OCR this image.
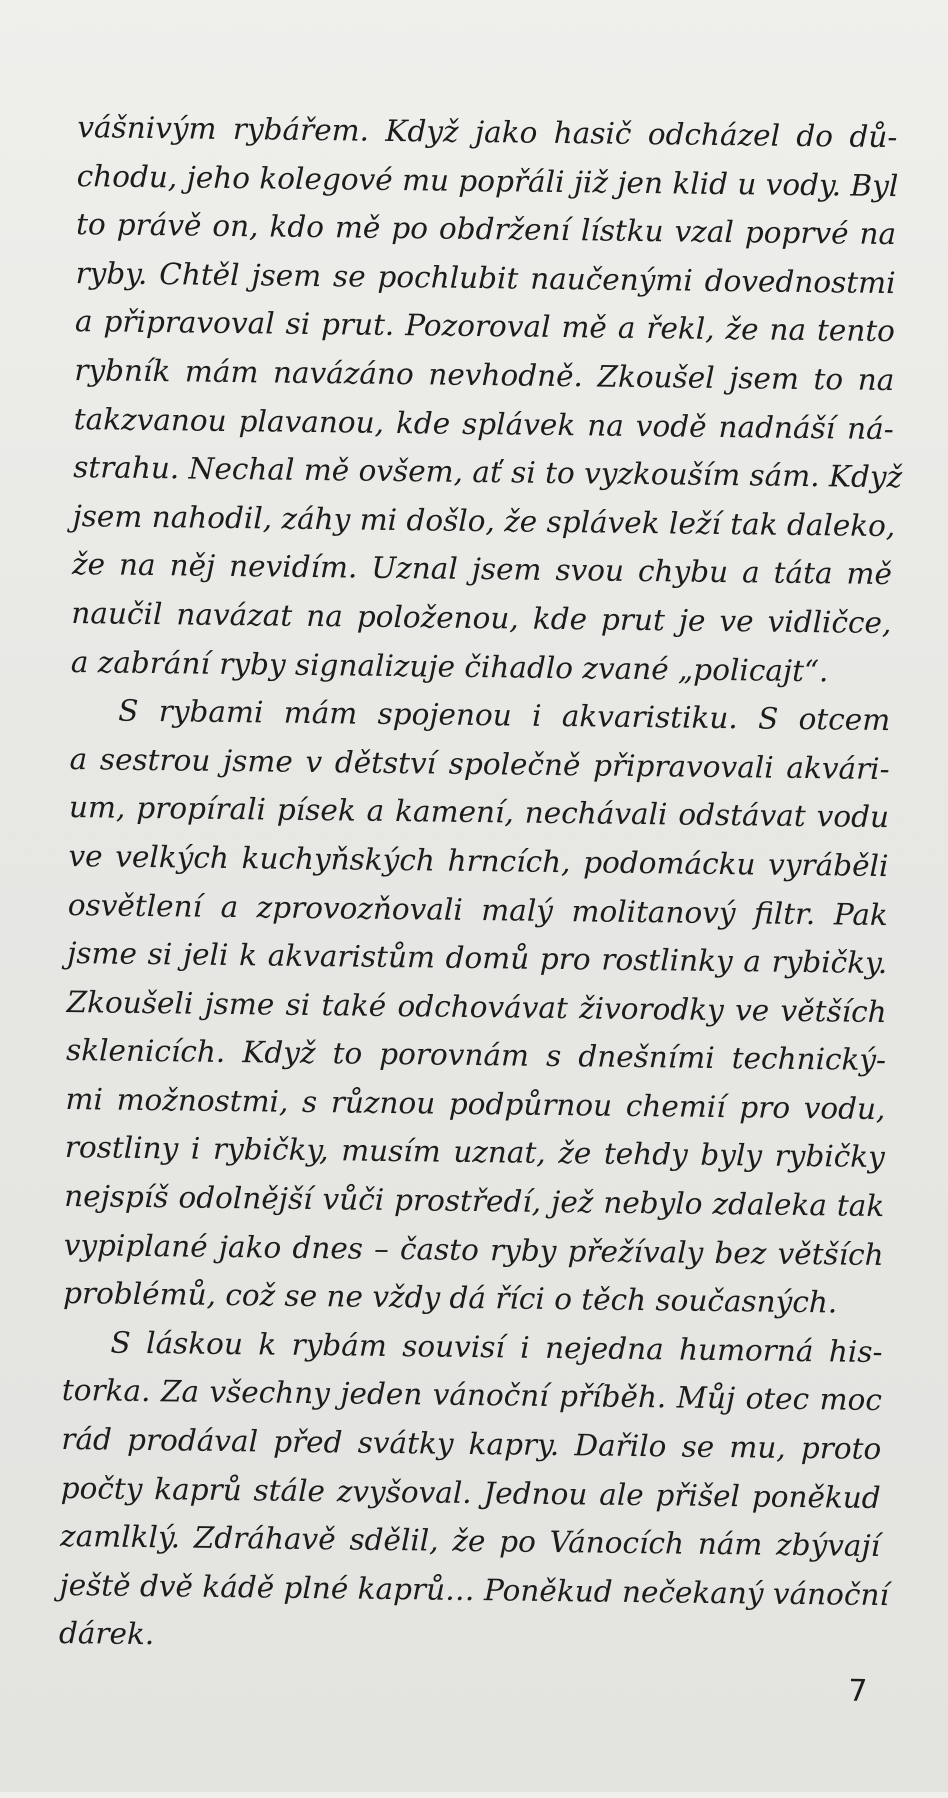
vášnivým rybářem. Když jako hasič odcházel do dů-
chodu, jeho kolegové mu popřáli již jen klid u vody. Byl
to právě on, kdo mě po obdržení lístku vzal poprvé na
ryby. Chtěl jsem se pochlubit naučenými dovednostmi
a připravoval si prut. Pozoroval mě a řekl, že na tento
rybník mám navázáno nevhodně. Zkoušel jsem to na
takzvanou plavanou, kde splávek na vodě nadnáší ná-
strahu. Nechal mě ovšem, ať si to vyzkouším sám. Když
jsem nahodil, záhy mi došlo, že splávek leží tak daleko,
že na něj nevidím. Uznal jsem svou chybu a táta mě
naučil navázat na položenou, kde prut je ve vidličce,
a zabrání ryby signalizuje čihadlo zvané „policajt“.
S rybami mám spojenou i akvaristiku. S otcem
a sestrou jsme v dětství společně připravovali akvári-
um, propírali písek a kamení, nechávali odstávat vodu
ve velkých kuchyňských hrncích, podomácku vyráběli
osvětlení a zprovozňovali malý molitanový filtr. Pak
jsme si jeli k akvaristům domů pro rostlinky a rybičky.
Zkoušeli jsme si také odchovávat živorodky ve větších
sklenicích. Když to porovnám s dnešními technický-
mi možnostmi, s různou podpůrnou chemií pro vodu,
rostliny i rybičky, musím uznat, že tehdy byly rybičky
nejspíš odolnější vůči prostředí, jež nebylo zdaleka tak
vypiplané jako dnes – často ryby přežívaly bez větších
problémů, což se ne vždy dá říci o těch současných.
S láskou k rybám souvisí i nejedna humorná his-
torka. Za všechny jeden vánoční příběh. Můj otec moc
rád prodával před svátky kapry. Dařilo se mu, proto
počty kaprů stále zvyšoval. Jednou ale přišel poněkud
zamlklý. Zdráhavě sdělil, že po Vánocích nám zbývají
ještě dvě kádě plné kaprů… Poněkud nečekaný vánoční
dárek.
7
